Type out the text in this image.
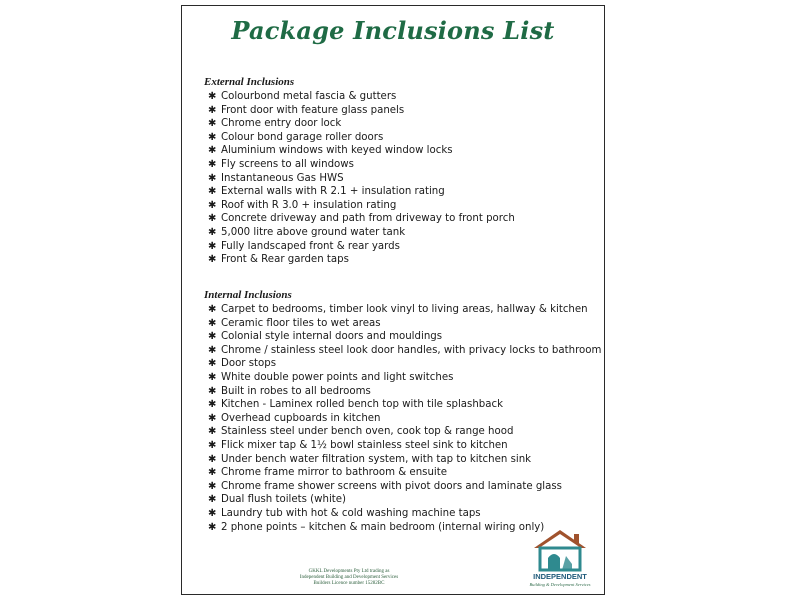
Package Inclusions List
External Inclusions
✱ Colourbond metal fascia & gutters
✱ Front door with feature glass panels
✱ Chrome entry door lock
✱ Colour bond garage roller doors
✱ Aluminium windows with keyed window locks
✱ Fly screens to all windows
✱ Instantaneous Gas HWS
✱ External walls with R 2.1 + insulation rating
✱ Roof with R 3.0 + insulation rating
✱ Concrete driveway and path from driveway to front porch
✱ 5,000 litre above ground water tank
✱ Fully landscaped front & rear yards
✱ Front & Rear garden taps
Internal Inclusions
✱ Carpet to bedrooms, timber look vinyl to living areas, hallway & kitchen
✱ Ceramic floor tiles to wet areas
✱ Colonial style internal doors and mouldings
✱ Chrome / stainless steel look door handles, with privacy locks to bathroom
✱ Door stops
✱ White double power points and light switches
✱ Built in robes to all bedrooms
✱ Kitchen - Laminex rolled bench top with tile splashback
✱ Overhead cupboards in kitchen
✱ Stainless steel under bench oven, cook top & range hood
✱ Flick mixer tap & 1½ bowl stainless steel sink to kitchen
✱ Under bench water filtration system, with tap to kitchen sink
✱ Chrome frame mirror to bathroom & ensuite
✱ Chrome frame shower screens with pivot doors and laminate glass
✱ Dual flush toilets (white)
✱ Laundry tub with hot & cold washing machine taps
✱ 2 phone points – kitchen & main bedroom (internal wiring only)
GKKL Developments Pty Ltd trading as
Independent Building and Development Services
Builders Licence number 15282BC
INDEPENDENT
Building & Development Services
